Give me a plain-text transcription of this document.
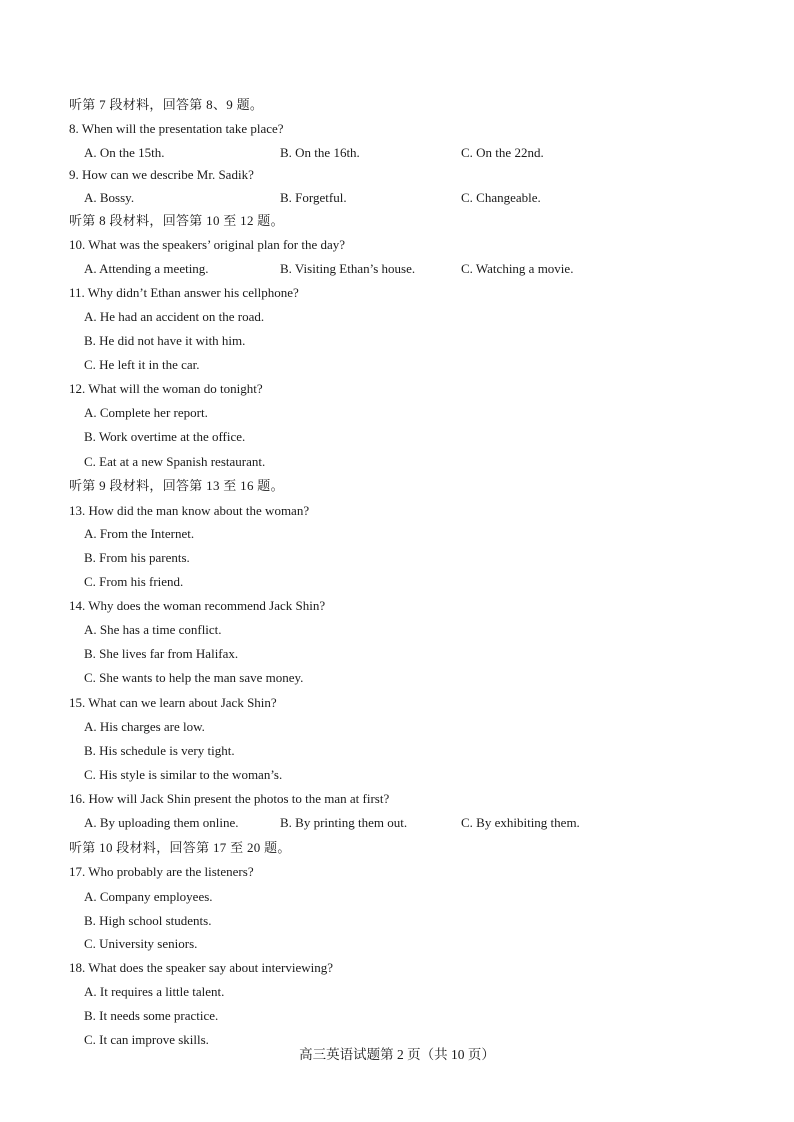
听第 7 段材料，回答第 8、9 题。
8. When will the presentation take place?
A. On the 15th.	B. On the 16th.	C. On the 22nd.
9. How can we describe Mr. Sadik?
A. Bossy.	B. Forgetful.	C. Changeable.
听第 8 段材料，回答第 10 至 12 题。
10. What was the speakers’ original plan for the day?
A. Attending a meeting.	B. Visiting Ethan’s house.	C. Watching a movie.
11. Why didn’t Ethan answer his cellphone?
A. He had an accident on the road.
B. He did not have it with him.
C. He left it in the car.
12. What will the woman do tonight?
A. Complete her report.
B. Work overtime at the office.
C. Eat at a new Spanish restaurant.
听第 9 段材料，回答第 13 至 16 题。
13. How did the man know about the woman?
A. From the Internet.
B. From his parents.
C. From his friend.
14. Why does the woman recommend Jack Shin?
A. She has a time conflict.
B. She lives far from Halifax.
C. She wants to help the man save money.
15. What can we learn about Jack Shin?
A. His charges are low.
B. His schedule is very tight.
C. His style is similar to the woman’s.
16. How will Jack Shin present the photos to the man at first?
A. By uploading them online.	B. By printing them out.	C. By exhibiting them.
听第 10 段材料，回答第 17 至 20 题。
17. Who probably are the listeners?
A. Company employees.
B. High school students.
C. University seniors.
18. What does the speaker say about interviewing?
A. It requires a little talent.
B. It needs some practice.
C. It can improve skills.
高三英语试题第 2 页（共 10 页）
